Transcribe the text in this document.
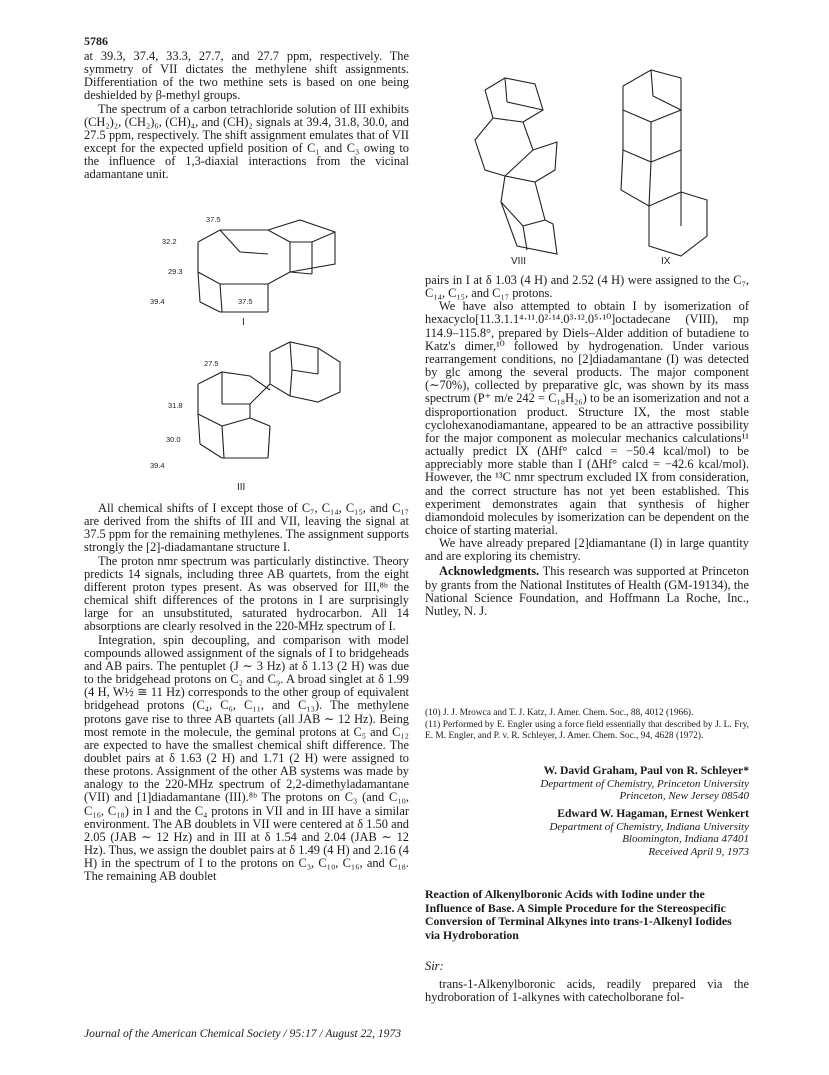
5786

at 39.3, 37.4, 33.3, 27.7, and 27.7 ppm, respectively. The symmetry of VII dictates the methylene shift assignments. Differentiation of the two methine sets is based on one being deshielded by β-methyl groups.

The spectrum of a carbon tetrachloride solution of III exhibits (CH₂)₂, (CH₂)₆, (CH)₄, and (CH)₂ signals at 39.4, 31.8, 30.0, and 27.5 ppm, respectively. The shift assignment emulates that of VII except for the expected upfield position of C₁ and C₃ owing to the influence of 1,3-diaxial interactions from the vicinal adamantane unit.

37.5
32.2
29.3
39.4	37.5
I
27.5
31.8
30.0
39.4
III

All chemical shifts of I except those of C₇, C₁₄, C₁₅, and C₁₇ are derived from the shifts of III and VII, leaving the signal at 37.5 ppm for the remaining methylenes. The assignment supports strongly the [2]-diadamantane structure I.

The proton nmr spectrum was particularly distinctive. Theory predicts 14 signals, including three AB quartets, from the eight different proton types present. As was observed for III,⁸ᵇ the chemical shift differences of the protons in I are surprisingly large for an unsubstituted, saturated hydrocarbon. All 14 absorptions are clearly resolved in the 220-MHz spectrum of I.

Integration, spin decoupling, and comparison with model compounds allowed assignment of the signals of I to bridgeheads and AB pairs. The pentuplet (J ∼ 3 Hz) at δ 1.13 (2 H) was due to the bridgehead protons on C₂ and C₉. A broad singlet at δ 1.99 (4 H, W½ ≅ 11 Hz) corresponds to the other group of equivalent bridgehead protons (C₄, C₆, C₁₁, and C₁₃). The methylene protons gave rise to three AB quartets (all JAB ∼ 12 Hz). Being most remote in the molecule, the geminal protons at C₅ and C₁₂ are expected to have the smallest chemical shift difference. The doublet pairs at δ 1.63 (2 H) and 1.71 (2 H) were assigned to these protons. Assignment of the other AB systems was made by analogy to the 220-MHz spectrum of 2,2-dimethyladamantane (VII) and [1]diadamantane (III).⁸ᵇ The protons on C₃ (and C₁₀, C₁₆, C₁₈) in I and the C₄ protons in VII and in III have a similar environment. The AB doublets in VII were centered at δ 1.50 and 2.05 (JAB ∼ 12 Hz) and in III at δ 1.54 and 2.04 (JAB ∼ 12 Hz). Thus, we assign the doublet pairs at δ 1.49 (4 H) and 2.16 (4 H) in the spectrum of I to the protons on C₃, C₁₀, C₁₆, and C₁₈. The remaining AB doublet

VIII	IX

pairs in I at δ 1.03 (4 H) and 2.52 (4 H) were assigned to the C₇, C₁₄, C₁₅, and C₁₇ protons.

We have also attempted to obtain I by isomerization of hexacyclo[11.3.1.1⁴·¹¹.0²·¹⁴.0³·¹².0⁵·¹⁰]octadecane (VIII), mp 114.9–115.8°, prepared by Diels–Alder addition of butadiene to Katz's dimer,¹⁰ followed by hydrogenation. Under various rearrangement conditions, no [2]diadamantane (I) was detected by glc among the several products. The major component (∼70%), collected by preparative glc, was shown by its mass spectrum (P⁺ m/e 242 = C₁₈H₂₆) to be an isomerization and not a disproportionation product. Structure IX, the most stable cyclohexanodiamantane, appeared to be an attractive possibility for the major component as molecular mechanics calculations¹¹ actually predict IX (ΔHf° calcd = −50.4 kcal/mol) to be appreciably more stable than I (ΔHf° calcd = −42.6 kcal/mol). However, the ¹³C nmr spectrum excluded IX from consideration, and the correct structure has not yet been established. This experiment demonstrates again that synthesis of higher diamondoid molecules by isomerization can be dependent on the choice of starting material.

We have already prepared [2]diamantane (I) in large quantity and are exploring its chemistry.

Acknowledgments. This research was supported at Princeton by grants from the National Institutes of Health (GM-19134), the National Science Foundation, and Hoffmann La Roche, Inc., Nutley, N. J.

(10) J. J. Mrowca and T. J. Katz, J. Amer. Chem. Soc., 88, 4012 (1966).

(11) Performed by E. Engler using a force field essentially that described by J. L. Fry, E. M. Engler, and P. v. R. Schleyer, J. Amer. Chem. Soc., 94, 4628 (1972).

W. David Graham, Paul von R. Schleyer*
Department of Chemistry, Princeton University
Princeton, New Jersey 08540
Edward W. Hagaman, Ernest Wenkert
Department of Chemistry, Indiana University
Bloomington, Indiana 47401
Received April 9, 1973
Reaction of Alkenylboronic Acids with Iodine under the Influence of Base. A Simple Procedure for the Stereospecific Conversion of Terminal Alkynes into trans-1-Alkenyl Iodides via Hydroboration
Sir:
trans-1-Alkenylboronic acids, readily prepared via the hydroboration of 1-alkynes with catecholborane fol-
Journal of the American Chemical Society / 95:17 / August 22, 1973
